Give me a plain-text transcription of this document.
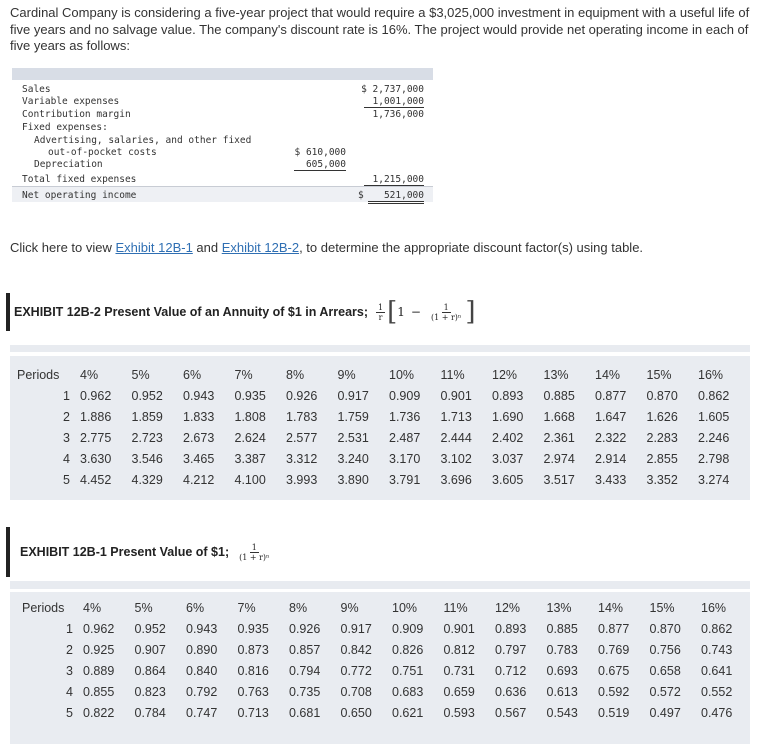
Cardinal Company is considering a five-year project that would require a $3,025,000 investment in equipment with a useful life of five years and no salvage value. The company's discount rate is 16%. The project would provide net operating income in each of five years as follows:
Sales	$ 2,737,000
Variable expenses	1,001,000
Contribution margin	1,736,000
Fixed expenses:
Advertising, salaries, and other fixed
out-of-pocket costs	$ 610,000
Depreciation	605,000
Total fixed expenses	1,215,000
Net operating income	$	521,000
Click here to view Exhibit 12B-1 and Exhibit 12B-2, to determine the appropriate discount factor(s) using table.
EXHIBIT 12B-2 Present Value of an Annuity of $1 in Arrears; $\frac{1}{r}$ [ $1 - \frac{1}{\text{(1 + r)ⁿ}}$ ]
Periods	4%	5%	6%	7%	8%	9%	10%	11%	12%	13%	14%	15%	16%
1	0.962	0.952	0.943	0.935	0.926	0.917	0.909	0.901	0.893	0.885	0.877	0.870	0.862
2	1.886	1.859	1.833	1.808	1.783	1.759	1.736	1.713	1.690	1.668	1.647	1.626	1.605
3	2.775	2.723	2.673	2.624	2.577	2.531	2.487	2.444	2.402	2.361	2.322	2.283	2.246
4	3.630	3.546	3.465	3.387	3.312	3.240	3.170	3.102	3.037	2.974	2.914	2.855	2.798
5	4.452	4.329	4.212	4.100	3.993	3.890	3.791	3.696	3.605	3.517	3.433	3.352	3.274
EXHIBIT 12B-1 Present Value of $1; $\frac{1}{\text{(1 + r)ⁿ}}$
Periods	4%	5%	6%	7%	8%	9%	10%	11%	12%	13%	14%	15%	16%
1	0.962	0.952	0.943	0.935	0.926	0.917	0.909	0.901	0.893	0.885	0.877	0.870	0.862
2	0.925	0.907	0.890	0.873	0.857	0.842	0.826	0.812	0.797	0.783	0.769	0.756	0.743
3	0.889	0.864	0.840	0.816	0.794	0.772	0.751	0.731	0.712	0.693	0.675	0.658	0.641
4	0.855	0.823	0.792	0.763	0.735	0.708	0.683	0.659	0.636	0.613	0.592	0.572	0.552
5	0.822	0.784	0.747	0.713	0.681	0.650	0.621	0.593	0.567	0.543	0.519	0.497	0.476
